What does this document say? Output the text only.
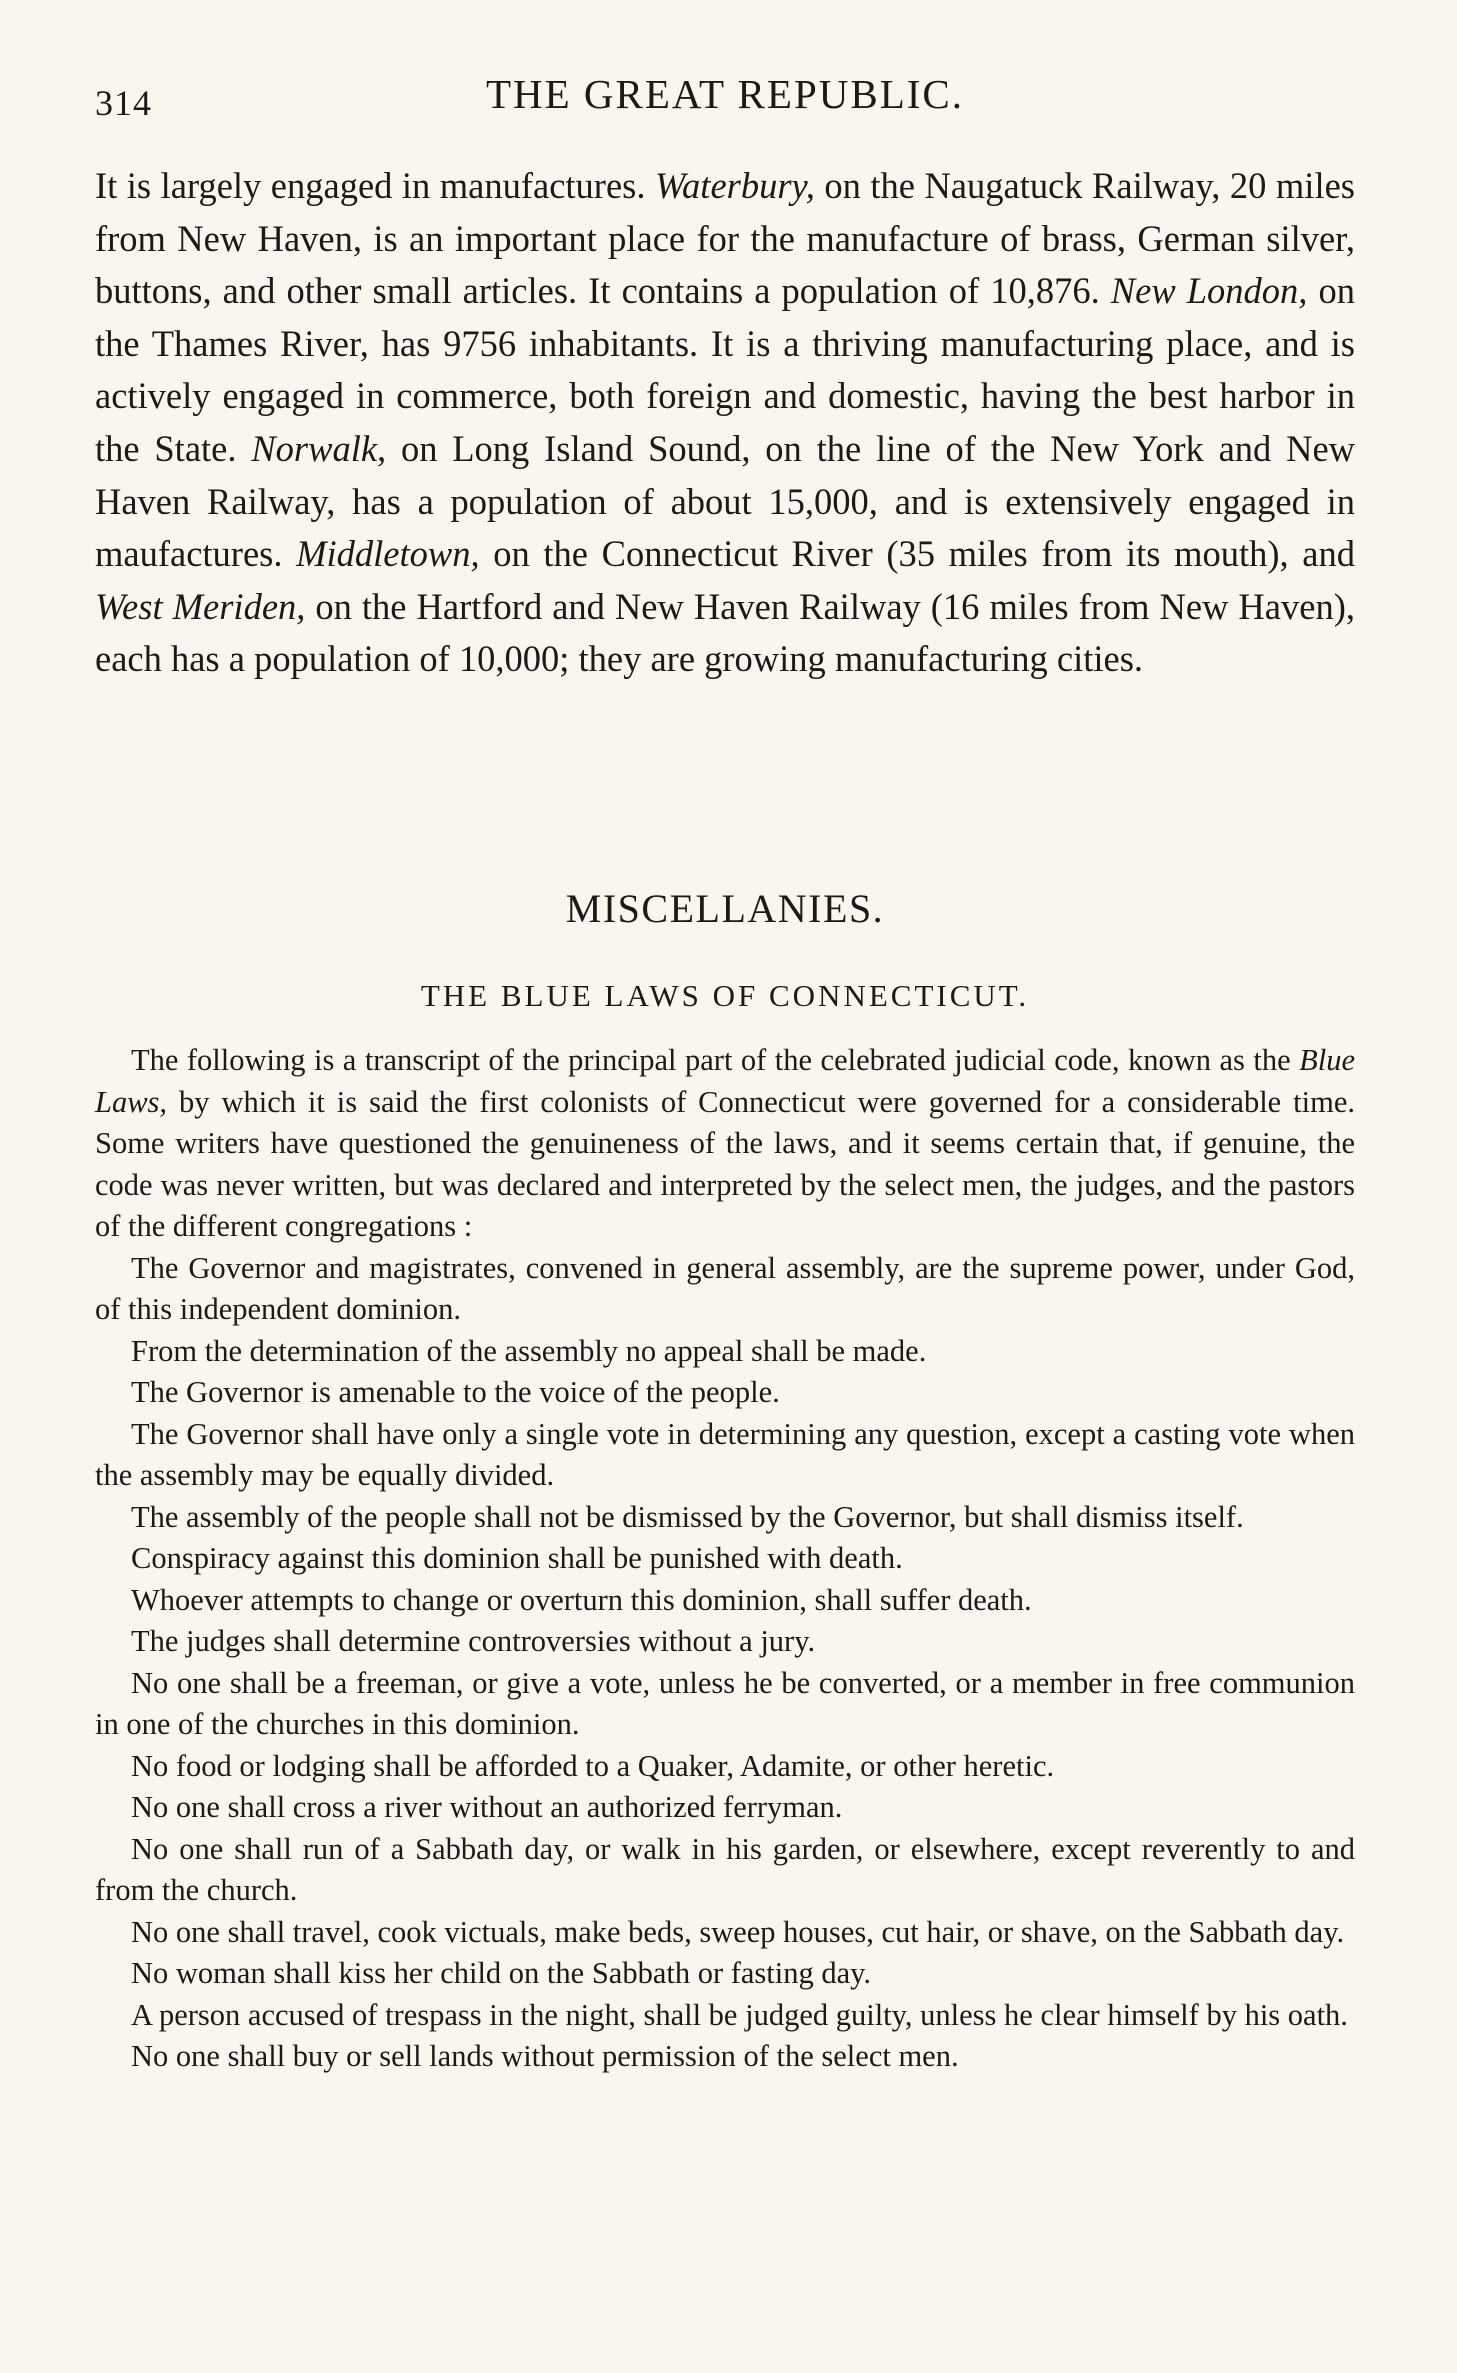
314	THE GREAT REPUBLIC.

It is largely engaged in manufactures. Waterbury, on the Naugatuck Railway, 20 miles from New Haven, is an important place for the manufacture of brass, German silver, buttons, and other small articles. It contains a population of 10,876. New London, on the Thames River, has 9756 inhabitants. It is a thriving manufacturing place, and is actively engaged in commerce, both foreign and domestic, having the best harbor in the State. Norwalk, on Long Island Sound, on the line of the New York and New Haven Railway, has a population of about 15,000, and is extensively engaged in maufactures. Middletown, on the Connecticut River (35 miles from its mouth), and West Meriden, on the Hartford and New Haven Railway (16 miles from New Haven), each has a population of 10,000; they are growing manufacturing cities.

MISCELLANIES.
THE BLUE LAWS OF CONNECTICUT.

The following is a transcript of the principal part of the celebrated judicial code, known as the Blue Laws, by which it is said the first colonists of Connecticut were governed for a considerable time. Some writers have questioned the genuineness of the laws, and it seems certain that, if genuine, the code was never written, but was declared and interpreted by the select men, the judges, and the pastors of the different congregations :

The Governor and magistrates, convened in general assembly, are the supreme power, under God, of this independent dominion.

From the determination of the assembly no appeal shall be made.

The Governor is amenable to the voice of the people.

The Governor shall have only a single vote in determining any question, except a casting vote when the assembly may be equally divided.

The assembly of the people shall not be dismissed by the Governor, but shall dismiss itself.

Conspiracy against this dominion shall be punished with death.

Whoever attempts to change or overturn this dominion, shall suffer death.

The judges shall determine controversies without a jury.

No one shall be a freeman, or give a vote, unless he be converted, or a member in free communion in one of the churches in this dominion.

No food or lodging shall be afforded to a Quaker, Adamite, or other heretic.

No one shall cross a river without an authorized ferryman.

No one shall run of a Sabbath day, or walk in his garden, or elsewhere, except reverently to and from the church.

No one shall travel, cook victuals, make beds, sweep houses, cut hair, or shave, on the Sabbath day.

No woman shall kiss her child on the Sabbath or fasting day.

A person accused of trespass in the night, shall be judged guilty, unless he clear himself by his oath.

No one shall buy or sell lands without permission of the select men.
